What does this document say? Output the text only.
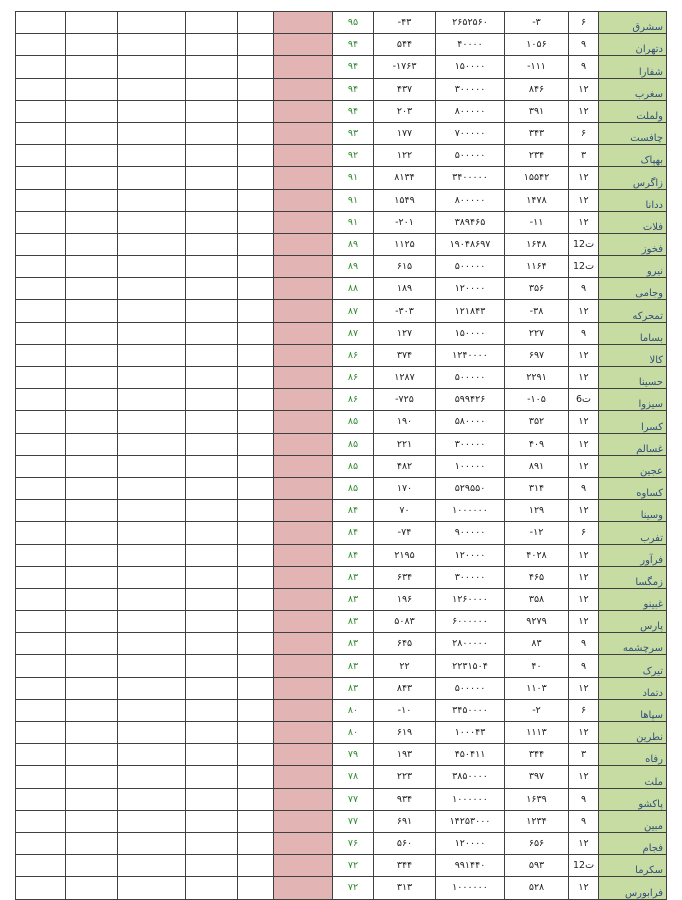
						۹۵	-۴۳	۲۶۵۲۵۶۰	-۳	۶	سشرق
						۹۴	۵۴۴	۴۰۰۰۰	۱۰۵۶	۹	دتهران
						۹۴	-۱۷۶۳	۱۵۰۰۰۰	-۱۱۱	۹	شفارا
						۹۴	۴۳۷	۳۰۰۰۰۰	۸۴۶	۱۲	سغرب
						۹۴	۲۰۳	۸۰۰۰۰۰	۳۹۱	۱۲	ولملت
						۹۳	۱۷۷	۷۰۰۰۰۰	۳۴۳	۶	چافست
						۹۲	۱۲۲	۵۰۰۰۰۰	۲۳۴	۳	بهپاک
						۹۱	۸۱۳۴	۳۴۰۰۰۰۰	۱۵۵۴۲	۱۲	زاگرس
						۹۱	۱۵۴۹	۸۰۰۰۰۰	۱۴۷۸	۱۲	ددانا
						۹۱	-۲۰۱	۳۸۹۴۶۵	-۱۱	۱۲	فلات
						۸۹	۱۱۲۵	۱۹۰۴۸۶۹۷	۱۶۴۸	12ت	فخوز
						۸۹	۶۱۵	۵۰۰۰۰۰	۱۱۶۴	12ت	نیرو
						۸۸	۱۸۹	۱۲۰۰۰۰	۳۵۶	۹	وجامی
						۸۷	-۳۰۳	۱۲۱۸۴۳	-۳۸	۱۲	تمحرکه
						۸۷	۱۲۷	۱۵۰۰۰۰	۲۲۷	۹	بساما
						۸۶	۳۷۴	۱۲۴۰۰۰۰	۶۹۷	۱۲	کالا
						۸۶	۱۲۸۷	۵۰۰۰۰۰	۲۲۹۱	۱۲	حسینا
						۸۶	-۷۲۵	۵۹۹۴۲۶	-۱۰۵	6ت	سیزوا
						۸۵	۱۹۰	۵۸۰۰۰۰	۳۵۲	۱۲	کسرا
						۸۵	۲۲۱	۳۰۰۰۰۰	۴۰۹	۱۲	غسالم
						۸۵	۴۸۲	۱۰۰۰۰۰	۸۹۱	۱۲	عجین
						۸۵	۱۷۰	۵۲۹۵۵۰	۳۱۴	۹	کساوه
						۸۴	۷۰	۱۰۰۰۰۰۰	۱۲۹	۱۲	وسینا
						۸۴	-۷۴	۹۰۰۰۰۰	-۱۲	۶	تفرب
						۸۴	۲۱۹۵	۱۲۰۰۰۰	۴۰۲۸	۱۲	فرآور
						۸۳	۶۳۴	۳۰۰۰۰۰	۴۶۵	۱۲	زمگسا
						۸۳	۱۹۶	۱۲۶۰۰۰۰	۳۵۸	۱۲	غبینو
						۸۳	۵۰۸۳	۶۰۰۰۰۰۰	۹۲۷۹	۱۲	پارس
						۸۳	۶۴۵	۲۸۰۰۰۰۰	۸۳	۹	سرچشمه
						۸۳	۲۲	۲۲۳۱۵۰۴	۴۰	۹	تیرک
						۸۳	۸۴۳	۵۰۰۰۰۰	۱۱۰۳	۱۲	دتماد
						۸۰	-۱۰	۳۴۵۰۰۰۰	-۲	۶	سپاها
						۸۰	۶۱۹	۱۰۰۰۴۳	۱۱۱۳	۱۲	نطرین
						۷۹	۱۹۳	۴۵۰۴۱۱	۳۴۴	۳	رفاه
						۷۸	۲۲۳	۳۸۵۰۰۰۰	۳۹۷	۱۲	ملت
						۷۷	۹۳۴	۱۰۰۰۰۰۰	۱۶۳۹	۹	پاکشو
						۷۷	۶۹۱	۱۴۲۵۳۰۰۰	۱۲۳۴	۹	مبین
						۷۶	۵۶۰	۱۲۰۰۰۰	۶۵۶	۱۲	فجام
						۷۲	۳۴۴	۹۹۱۴۴۰	۵۹۳	12ت	سکرما
						۷۲	۳۱۳	۱۰۰۰۰۰۰	۵۲۸	۱۲	فرابورس
